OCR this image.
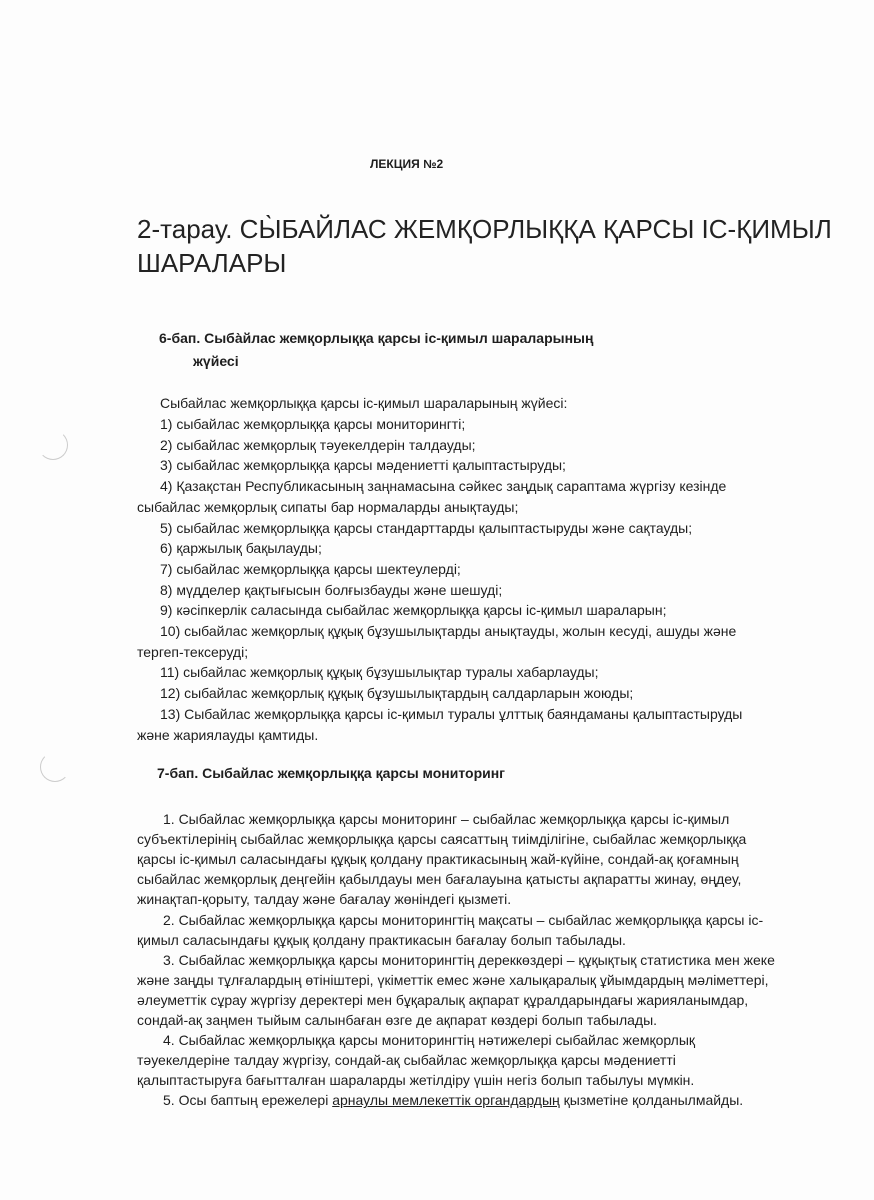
ЛЕКЦИЯ №2
2-тарау. СЫ̀БАЙЛАС ЖЕМҚОРЛЫҚҚА ҚАРСЫ ІС-ҚИМЫЛ
ШАРАЛАРЫ
6-бап. Сыба̀йлас жемқорлыққа қарсы іс-қимыл шараларының
жүйесі
Сыбайлас жемқорлыққа қарсы іс-қимыл шараларының жүйесі:
1) сыбайлас жемқорлыққа қарсы мониторингті;
2) сыбайлас жемқорлық тәуекелдерін талдауды;
3) сыбайлас жемқорлыққа қарсы мәдениетті қалыптастыруды;
4) Қазақстан Республикасының заңнамасына сәйкес заңдық сараптама жүргізу кезінде
сыбайлас жемқорлық сипаты бар нормаларды анықтауды;
5) сыбайлас жемқорлыққа қарсы стандарттарды қалыптастыруды және сақтауды;
6) қаржылық бақылауды;
7) сыбайлас жемқорлыққа қарсы шектеулерді;
8) мүдделер қақтығысын болғызбауды және шешуді;
9) кәсіпкерлік саласында сыбайлас жемқорлыққа қарсы іс-қимыл шараларын;
10) сыбайлас жемқорлық құқық бұзушылықтарды анықтауды, жолын кесуді, ашуды және
тергеп-тексеруді;
11) сыбайлас жемқорлық құқық бұзушылықтар туралы хабарлауды;
12) сыбайлас жемқорлық құқық бұзушылықтардың салдарларын жоюды;
13) Сыбайлас жемқорлыққа қарсы іс-қимыл туралы ұлттық баяндаманы қалыптастыруды
және жариялауды қамтиды.
7-бап. Сыбайлас жемқорлыққа қарсы мониторинг
1. Сыбайлас жемқорлыққа қарсы мониторинг – сыбайлас жемқорлыққа қарсы іс-қимыл
субъектілерінің сыбайлас жемқорлыққа қарсы саясаттың тиімділігіне, сыбайлас жемқорлыққа
қарсы іс-қимыл саласындағы құқық қолдану практикасының жай-күйіне, сондай-ақ қоғамның
сыбайлас жемқорлық деңгейін қабылдауы мен бағалауына қатысты ақпаратты жинау, өңдеу,
жинақтап-қорыту, талдау және бағалау жөніндегі қызметі.
2. Сыбайлас жемқорлыққа қарсы мониторингтің мақсаты – сыбайлас жемқорлыққа қарсы іс-
қимыл саласындағы құқық қолдану практикасын бағалау болып табылады.
3. Сыбайлас жемқорлыққа қарсы мониторингтің дереккөздері – құқықтық статистика мен жеке
және заңды тұлғалардың өтініштері, үкіметтік емес және халықаралық ұйымдардың мәліметтері,
әлеуметтік сұрау жүргізу деректері мен бұқаралық ақпарат құралдарындағы жарияланымдар,
сондай-ақ заңмен тыйым салынбаған өзге де ақпарат көздері болып табылады.
4. Сыбайлас жемқорлыққа қарсы мониторингтің нәтижелері сыбайлас жемқорлық
тәуекелдеріне талдау жүргізу, сондай-ақ сыбайлас жемқорлыққа қарсы мәдениетті
қалыптастыруға бағытталған шараларды жетілдіру үшін негіз болып табылуы мүмкін.
5. Осы баптың ережелері арнаулы мемлекеттік органдардың қызметіне қолданылмайды.
